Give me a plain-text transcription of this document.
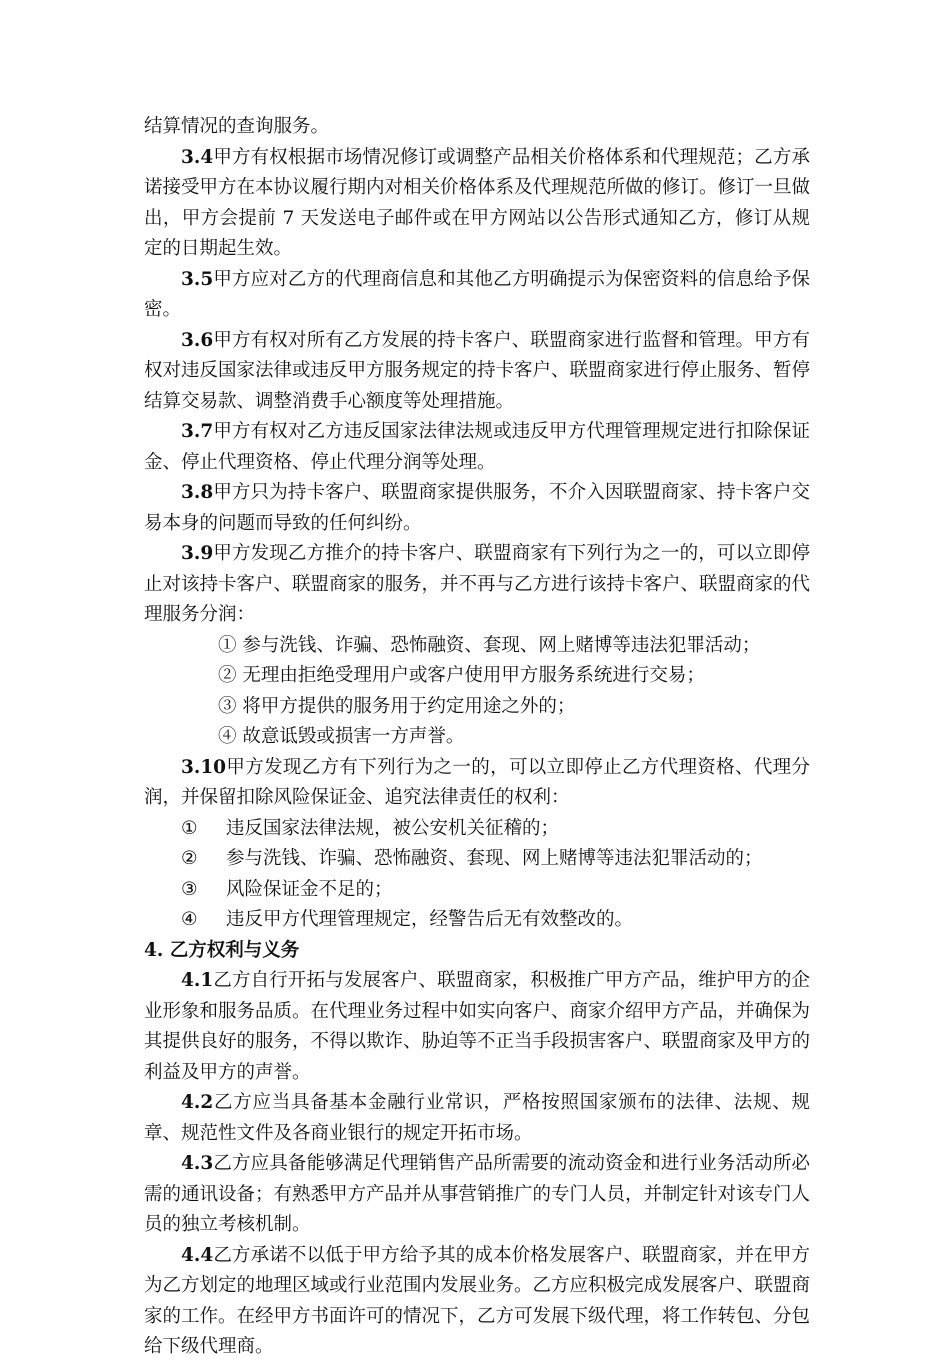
结算情况的查询服务。

3.4甲方有权根据市场情况修订或调整产品相关价格体系和代理规范；乙方承诺接受甲方在本协议履行期内对相关价格体系及代理规范所做的修订。修订一旦做出，甲方会提前 7 天发送电子邮件或在甲方网站以公告形式通知乙方，修订从规定的日期起生效。

3.5甲方应对乙方的代理商信息和其他乙方明确提示为保密资料的信息给予保密。

3.6甲方有权对所有乙方发展的持卡客户、联盟商家进行监督和管理。甲方有权对违反国家法律或违反甲方服务规定的持卡客户、联盟商家进行停止服务、暂停结算交易款、调整消费手心额度等处理措施。

3.7甲方有权对乙方违反国家法律法规或违反甲方代理管理规定进行扣除保证金、停止代理资格、停止代理分润等处理。

3.8甲方只为持卡客户、联盟商家提供服务，不介入因联盟商家、持卡客户交易本身的问题而导致的任何纠纷。

3.9甲方发现乙方推介的持卡客户、联盟商家有下列行为之一的，可以立即停止对该持卡客户、联盟商家的服务，并不再与乙方进行该持卡客户、联盟商家的代理服务分润：

① 参与洗钱、诈骗、恐怖融资、套现、网上赌博等违法犯罪活动；

② 无理由拒绝受理用户或客户使用甲方服务系统进行交易；

③ 将甲方提供的服务用于约定用途之外的；

④ 故意诋毁或损害一方声誉。

3.10甲方发现乙方有下列行为之一的，可以立即停止乙方代理资格、代理分润，并保留扣除风险保证金、追究法律责任的权利：

①	违反国家法律法规，被公安机关征稽的；

②	参与洗钱、诈骗、恐怖融资、套现、网上赌博等违法犯罪活动的；

③	风险保证金不足的；

④	违反甲方代理管理规定，经警告后无有效整改的。

4. 乙方权利与义务

4.1乙方自行开拓与发展客户、联盟商家，积极推广甲方产品，维护甲方的企业形象和服务品质。在代理业务过程中如实向客户、商家介绍甲方产品，并确保为其提供良好的服务，不得以欺诈、胁迫等不正当手段损害客户、联盟商家及甲方的利益及甲方的声誉。

4.2乙方应当具备基本金融行业常识，严格按照国家颁布的法律、法规、规章、规范性文件及各商业银行的规定开拓市场。

4.3乙方应具备能够满足代理销售产品所需要的流动资金和进行业务活动所必需的通讯设备；有熟悉甲方产品并从事营销推广的专门人员，并制定针对该专门人员的独立考核机制。

4.4乙方承诺不以低于甲方给予其的成本价格发展客户、联盟商家，并在甲方为乙方划定的地理区域或行业范围内发展业务。乙方应积极完成发展客户、联盟商家的工作。在经甲方书面许可的情况下，乙方可发展下级代理，将工作转包、分包给下级代理商。
